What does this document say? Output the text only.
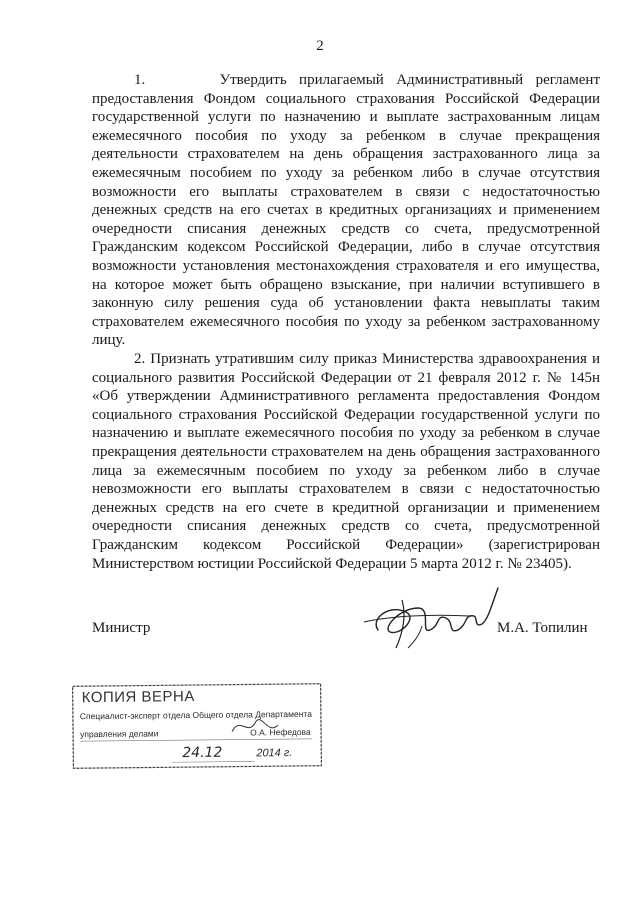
2

1.	Утвердить прилагаемый Административный регламент предоставления Фондом социального страхования Российской Федерации государственной услуги по назначению и выплате застрахованным лицам ежемесячного пособия по уходу за ребенком в случае прекращения деятельности страхователем на день обращения застрахованного лица за ежемесячным пособием по уходу за ребенком либо в случае отсутствия возможности его выплаты страхователем в связи с недостаточностью денежных средств на его счетах в кредитных организациях и применением очередности списания денежных средств со счета, предусмотренной Гражданским кодексом Российской Федерации, либо в случае отсутствия возможности установления местонахождения страхователя и его имущества, на которое может быть обращено взыскание, при наличии вступившего в законную силу решения суда об установлении факта невыплаты таким страхователем ежемесячного пособия по уходу за ребенком застрахованному лицу.

2. Признать утратившим силу приказ Министерства здравоохранения и социального развития Российской Федерации от 21 февраля 2012 г. № 145н «Об утверждении Административного регламента предоставления Фондом социального страхования Российской Федерации государственной услуги по назначению и выплате ежемесячного пособия по уходу за ребенком в случае прекращения деятельности страхователем на день обращения застрахованного лица за ежемесячным пособием по уходу за ребенком либо в случае невозможности его выплаты страхователем в связи с недостаточностью денежных средств на его счете в кредитной организации и применением очередности списания денежных средств со счета, предусмотренной Гражданским кодексом Российской Федерации» (зарегистрирован Министерством юстиции Российской Федерации 5 марта 2012 г. № 23405).

Министр	М.А. Топилин
КОПИЯ ВЕРНА
Специалист-эксперт отдела Общего отдела Департамента
управления делами	О.А. Нефедова
24.12	2014 г.
